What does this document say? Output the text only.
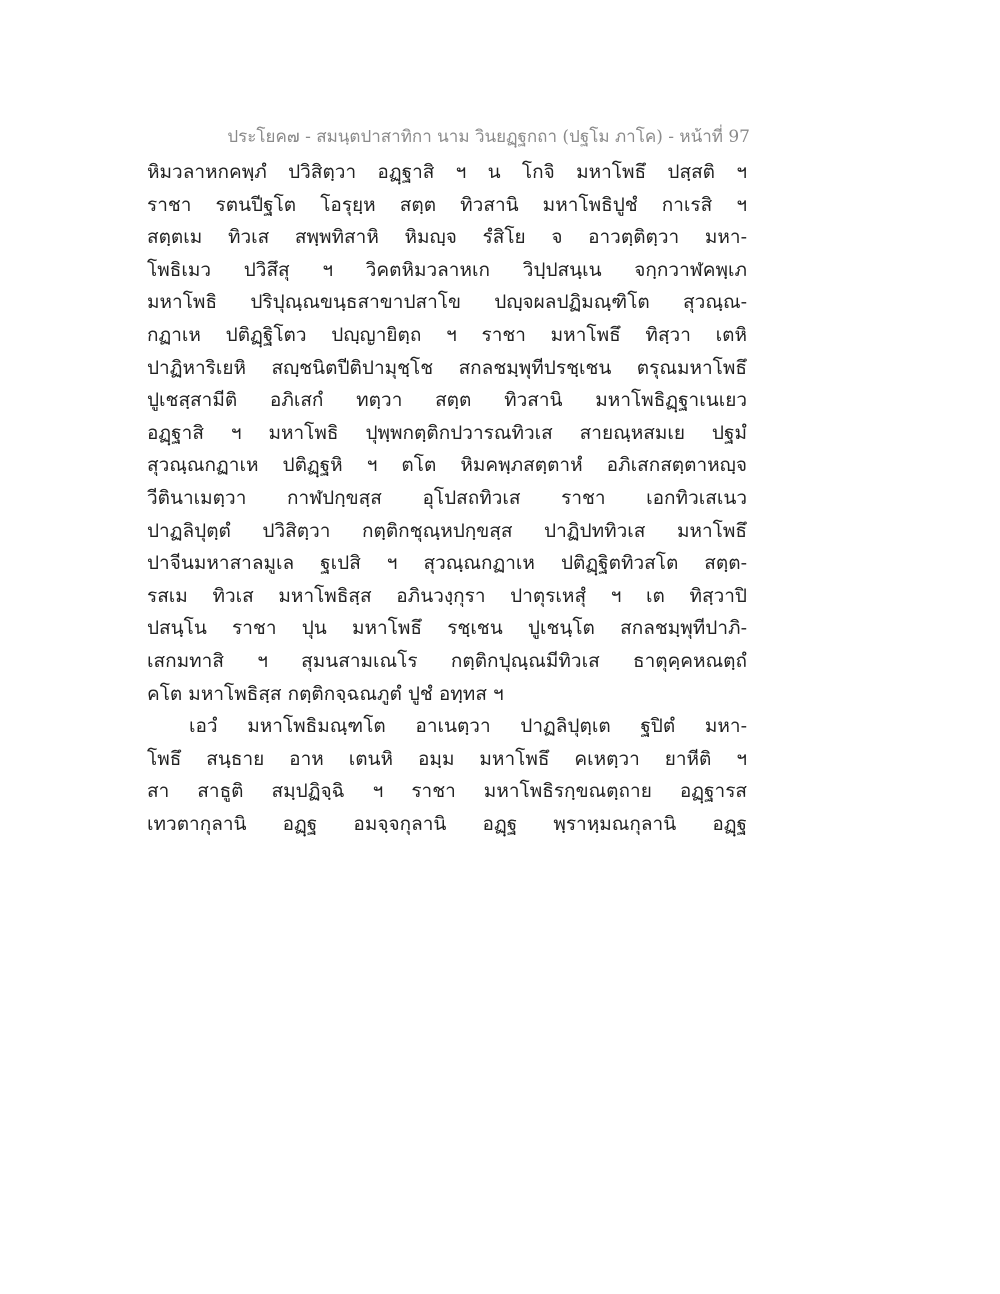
ประโยค๗ - สมนฺตปาสาทิกา นาม วินยฏฺฐกถา (ปฐโม ภาโค) - หน้าที่ 97
หิมวลาหกคพฺภํ ปวิสิตฺวา อฏฺฐาสิ ฯ น โกจิ มหาโพธึ ปสฺสติ ฯ
ราชา รตนปีฐโต โอรุยฺห สตฺต ทิวสานิ มหาโพธิปูชํ กาเรสิ ฯ
สตฺตเม ทิวเส สพฺพทิสาหิ หิมญฺจ รํสิโย จ อาวตฺติตฺวา มหา-
โพธิเมว ปวิสึสุ ฯ วิคตหิมวลาหเก วิปฺปสนฺเน จกฺกวาฬคพฺเภ
มหาโพธิ ปริปุณฺณขนฺธสาขาปสาโข ปญฺจผลปฏิมณฺฑิโต สุวณฺณ-
กฏาเห ปติฏฺฐิโตว ปญฺญายิตฺถ ฯ ราชา มหาโพธึ ทิสฺวา เตหิ
ปาฏิหาริเยหิ สญฺชนิตปีติปามุชฺโช สกลชมฺพุทีปรชฺเชน ตรุณมหาโพธึ
ปูเชสฺสามีติ อภิเสกํ ทตฺวา สตฺต ทิวสานิ มหาโพธิฏฺฐาเนเยว
อฏฺฐาสิ ฯ มหาโพธิ ปุพฺพกตฺติกปวารณทิวเส สายณฺหสมเย ปฐมํ
สุวณฺณกฏาเห ปติฏฺฐหิ ฯ ตโต หิมคพฺภสตฺตาหํ อภิเสกสตฺตาหญฺจ
วีตินาเมตฺวา กาฬปกฺขสฺส อุโปสถทิวเส ราชา เอกทิวเสเนว
ปาฏลิปุตฺตํ ปวิสิตฺวา กตฺติกชุณฺหปกฺขสฺส ปาฏิปททิวเส มหาโพธึ
ปาจีนมหาสาลมูเล ฐเปสิ ฯ สุวณฺณกฏาเห ปติฏฺฐิตทิวสโต สตฺต-
รสเม ทิวเส มหาโพธิสฺส อภินวงฺกุรา ปาตุรเหสุํ ฯ เต ทิสฺวาปิ
ปสนฺโน ราชา ปุน มหาโพธึ รชฺเชน ปูเชนฺโต สกลชมฺพุทีปาภิ-
เสกมทาสิ ฯ สุมนสามเณโร กตฺติกปุณฺณมีทิวเส ธาตุคฺคหณตฺถํ
คโต มหาโพธิสฺส กตฺติกจฺฉณภูตํ ปูชํ อทฺทส ฯ
เอวํ มหาโพธิมณฺฑโต อาเนตฺวา ปาฏลิปุตฺเต ฐปิตํ มหา-
โพธึ สนฺธาย อาห เตนหิ อมฺม มหาโพธึ คเหตฺวา ยาหีติ ฯ
สา สาธูติ สมฺปฏิจฺฉิ ฯ ราชา มหาโพธิรกฺขณตฺถาย อฏฺฐารส
เทวตากุลานิ อฏฺฐ อมจฺจกุลานิ อฏฺฐ พฺราหฺมณกุลานิ อฏฺฐ
